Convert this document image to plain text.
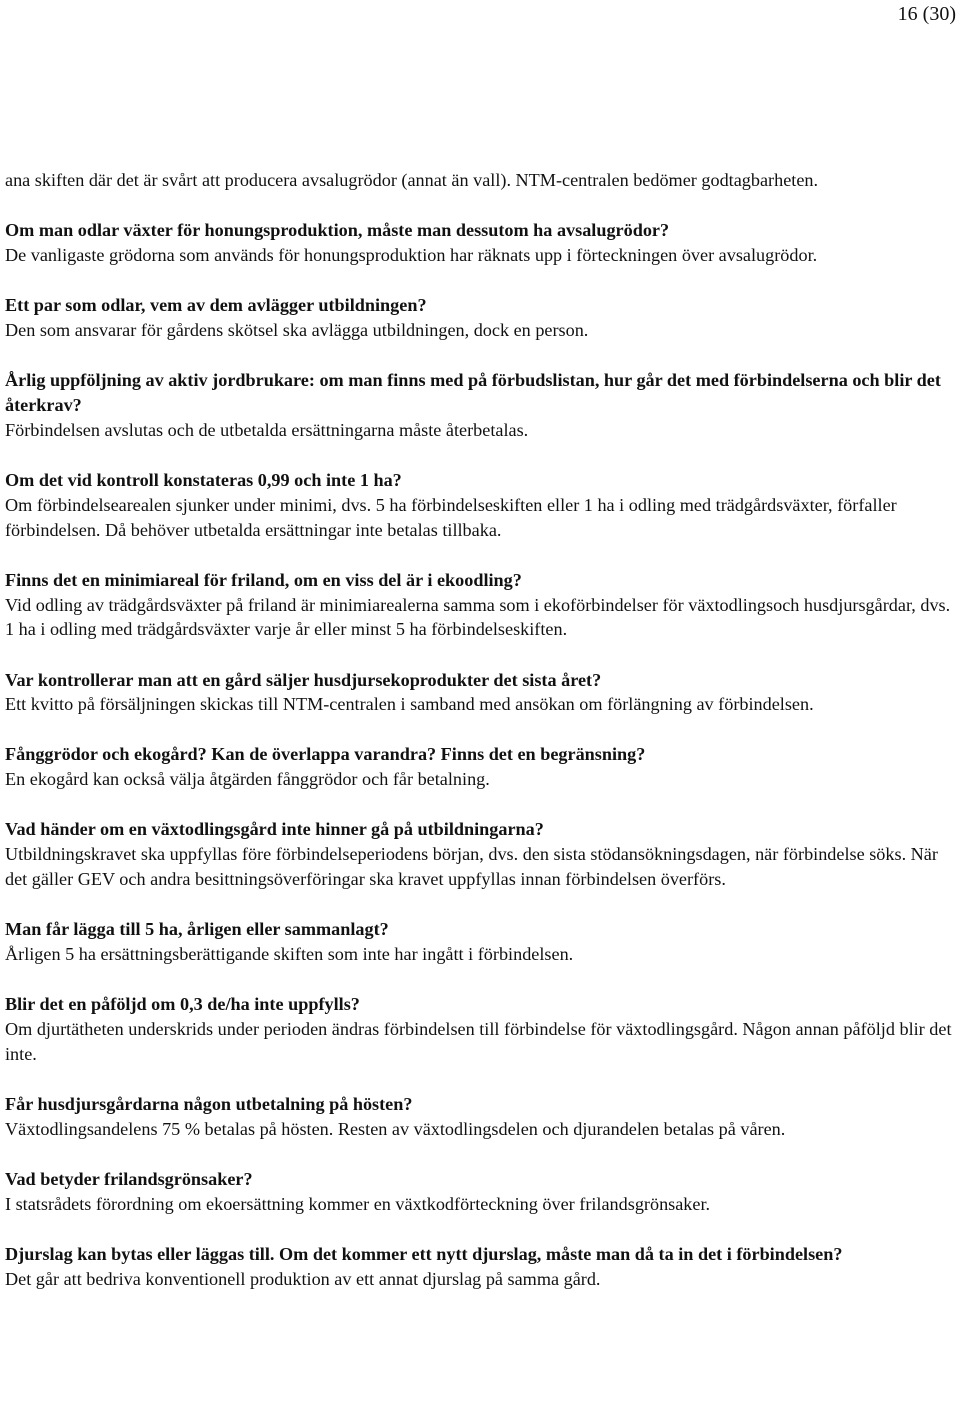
16 (30)

ana skiften där det är svårt att producera avsalugrödor (annat än vall). NTM-centralen bedömer godtagbarheten.

Om man odlar växter för honungsproduktion, måste man dessutom ha avsalugrödor?
De vanligaste grödorna som används för honungsproduktion har räknats upp i förteckningen över avsalugrödor.
Ett par som odlar, vem av dem avlägger utbildningen?
Den som ansvarar för gårdens skötsel ska avlägga utbildningen, dock en person.
Årlig uppföljning av aktiv jordbrukare: om man finns med på förbudslistan, hur går det med förbindelserna och blir det återkrav?
Förbindelsen avslutas och de utbetalda ersättningarna måste återbetalas.
Om det vid kontroll konstateras 0,99 och inte 1 ha?
Om förbindelsearealen sjunker under minimi, dvs. 5 ha förbindelseskiften eller 1 ha i odling med trädgårdsväxter, förfaller förbindelsen. Då behöver utbetalda ersättningar inte betalas tillbaka.
Finns det en minimiareal för friland, om en viss del är i ekoodling?
Vid odling av trädgårdsväxter på friland är minimiarealerna samma som i ekoförbindelser för växtodlingsoch husdjursgårdar, dvs. 1 ha i odling med trädgårdsväxter varje år eller minst 5 ha förbindelseskiften.
Var kontrollerar man att en gård säljer husdjursekoprodukter det sista året?
Ett kvitto på försäljningen skickas till NTM-centralen i samband med ansökan om förlängning av förbindelsen.
Fånggrödor och ekogård? Kan de överlappa varandra? Finns det en begränsning?
En ekogård kan också välja åtgärden fånggrödor och får betalning.
Vad händer om en växtodlingsgård inte hinner gå på utbildningarna?
Utbildningskravet ska uppfyllas före förbindelseperiodens början, dvs. den sista stödansökningsdagen, när förbindelse söks. När det gäller GEV och andra besittningsöverföringar ska kravet uppfyllas innan förbindelsen överförs.
Man får lägga till 5 ha, årligen eller sammanlagt?
Årligen 5 ha ersättningsberättigande skiften som inte har ingått i förbindelsen.
Blir det en påföljd om 0,3 de/ha inte uppfylls?
Om djurtätheten underskrids under perioden ändras förbindelsen till förbindelse för växtodlingsgård. Någon annan påföljd blir det inte.
Får husdjursgårdarna någon utbetalning på hösten?
Växtodlingsandelens 75 % betalas på hösten. Resten av växtodlingsdelen och djurandelen betalas på våren.
Vad betyder frilandsgrönsaker?
I statsrådets förordning om ekoersättning kommer en växtkodförteckning över frilandsgrönsaker.
Djurslag kan bytas eller läggas till. Om det kommer ett nytt djurslag, måste man då ta in det i förbindelsen?
Det går att bedriva konventionell produktion av ett annat djurslag på samma gård.
